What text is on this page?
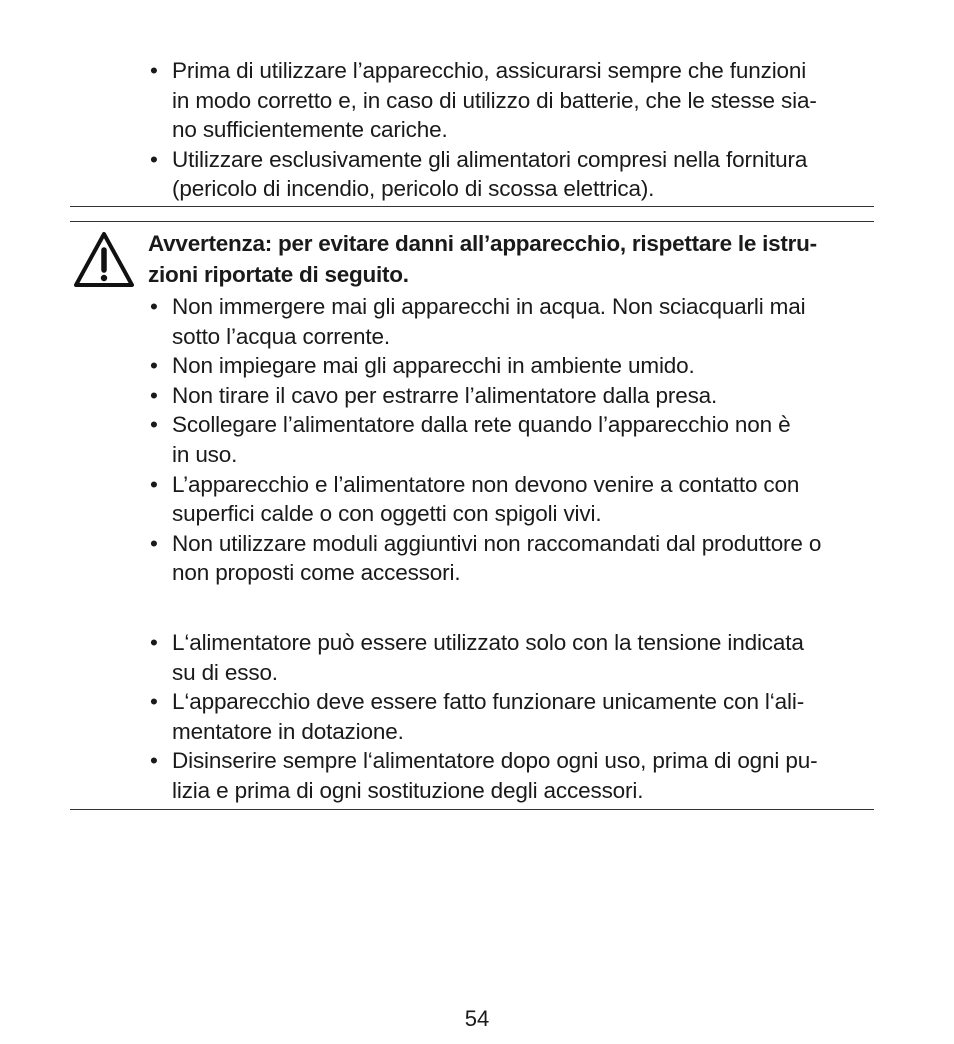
• Prima di utilizzare l’apparecchio, assicurarsi sempre che funzioni
in modo corretto e, in caso di utilizzo di batterie, che le stesse sia-
no sufficientemente cariche.
• Utilizzare esclusivamente gli alimentatori compresi nella fornitura
(pericolo di incendio, pericolo di scossa elettrica).
Avvertenza: per evitare danni all’apparecchio, rispettare le istru-
zioni riportate di seguito.
• Non immergere mai gli apparecchi in acqua. Non sciacquarli mai
sotto l’acqua corrente.
• Non impiegare mai gli apparecchi in ambiente umido.
• Non tirare il cavo per estrarre l’alimentatore dalla presa.
• Scollegare l’alimentatore dalla rete quando l’apparecchio non è
in uso.
• L’apparecchio e l’alimentatore non devono venire a contatto con
superfici calde o con oggetti con spigoli vivi.
• Non utilizzare moduli aggiuntivi non raccomandati dal produttore o
non proposti come accessori.
• L‘alimentatore può essere utilizzato solo con la tensione indicata
su di esso.
• L‘apparecchio deve essere fatto funzionare unicamente con l‘ali-
mentatore in dotazione.
• Disinserire sempre l‘alimentatore dopo ogni uso, prima di ogni pu-
lizia e prima di ogni sostituzione degli accessori.
54
